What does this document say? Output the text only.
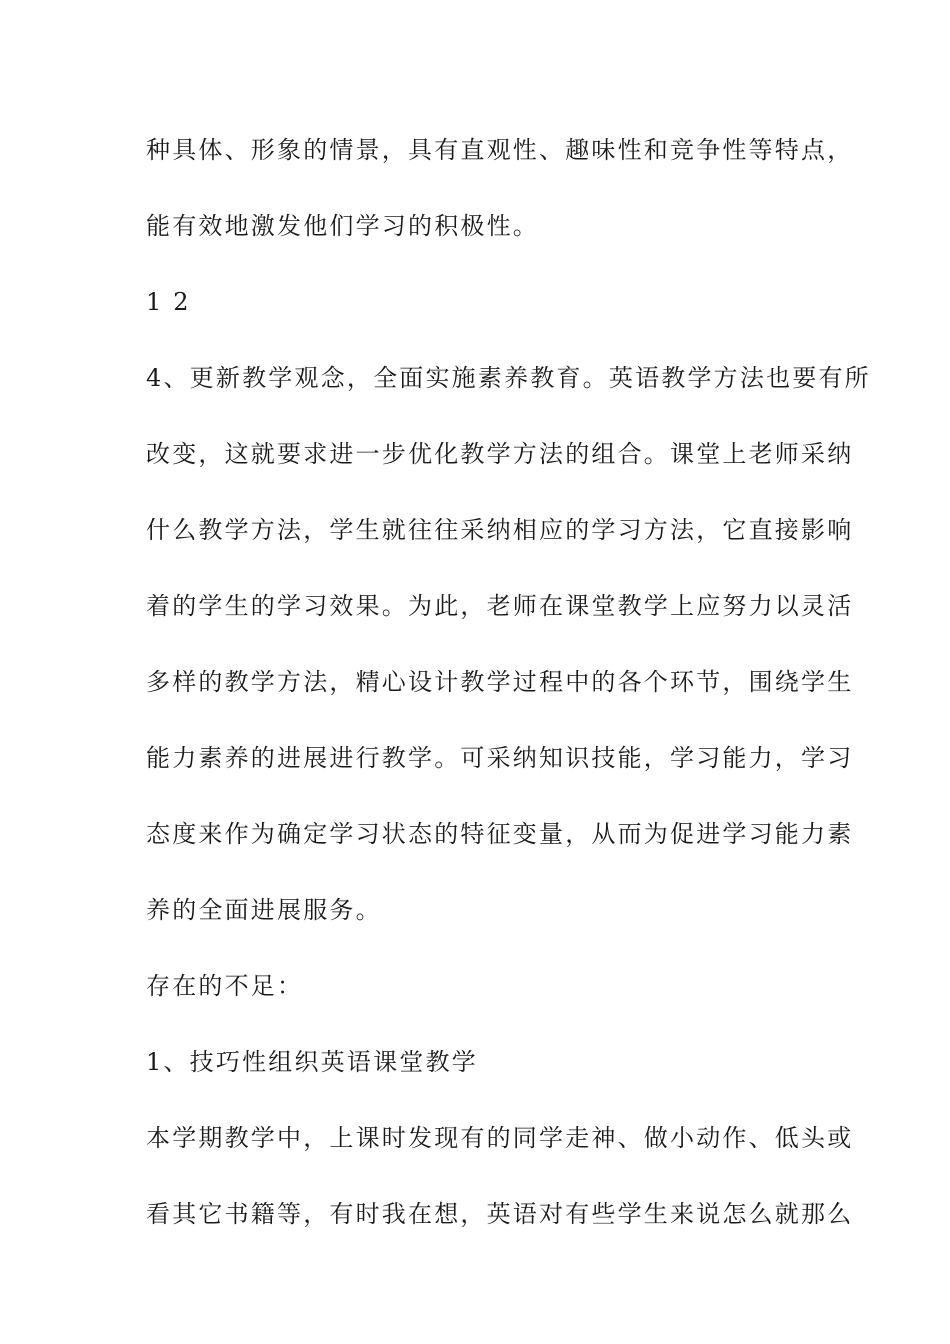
种具体、形象的情景，具有直观性、趣味性和竞争性等特点，
能有效地激发他们学习的积极性。
1 2
4、更新教学观念，全面实施素养教育。英语教学方法也要有所
改变，这就要求进一步优化教学方法的组合。课堂上老师采纳
什么教学方法，学生就往往采纳相应的学习方法，它直接影响
着的学生的学习效果。为此，老师在课堂教学上应努力以灵活
多样的教学方法，精心设计教学过程中的各个环节，围绕学生
能力素养的进展进行教学。可采纳知识技能，学习能力，学习
态度来作为确定学习状态的特征变量，从而为促进学习能力素
养的全面进展服务。
存在的不足：
1、技巧性组织英语课堂教学
本学期教学中，上课时发现有的同学走神、做小动作、低头或
看其它书籍等，有时我在想，英语对有些学生来说怎么就那么
